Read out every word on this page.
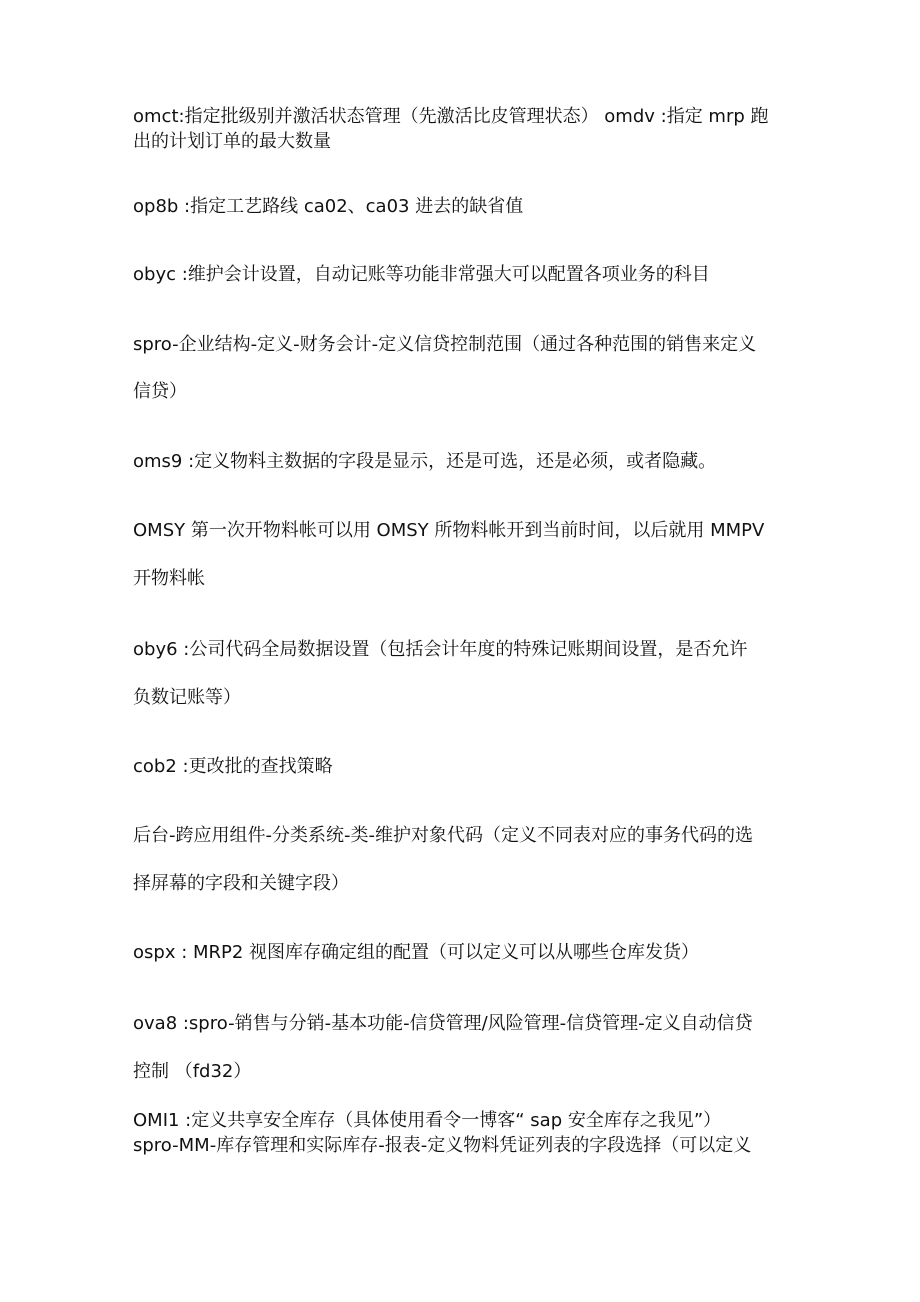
omct:指定批级别并激活状态管理（先激活比皮管理状态） omdv :指定 mrp 跑
出的计划订单的最大数量
op8b :指定工艺路线 ca02、ca03 进去的缺省值
obyc :维护会计设置，自动记账等功能非常强大可以配置各项业务的科目
spro-企业结构-定义-财务会计-定义信贷控制范围（通过各种范围的销售来定义
信贷）
oms9 :定义物料主数据的字段是显示，还是可选，还是必须，或者隐藏。
OMSY 第一次开物料帐可以用 OMSY 所物料帐开到当前时间，以后就用 MMPV
开物料帐
oby6 :公司代码全局数据设置（包括会计年度的特殊记账期间设置，是否允许
负数记账等）
cob2 :更改批的查找策略
后台-跨应用组件-分类系统-类-维护对象代码（定义不同表对应的事务代码的选
择屏幕的字段和关键字段）
ospx : MRP2 视图库存确定组的配置（可以定义可以从哪些仓库发货）
ova8 :spro-销售与分销-基本功能-信贷管理/风险管理-信贷管理-定义自动信贷
控制 （fd32）
OMI1 :定义共享安全库存（具体使用看令一博客“ sap 安全库存之我见”）
spro-MM-库存管理和实际库存-报表-定义物料凭证列表的字段选择（可以定义
